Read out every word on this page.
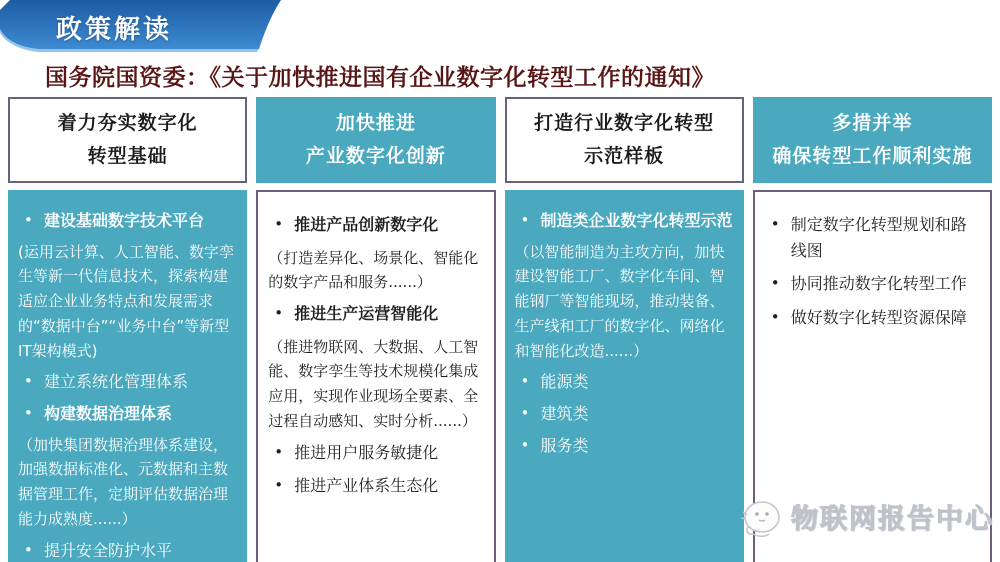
政策解读
国务院国资委：《关于加快推进国有企业数字化转型工作的通知》
着力夯实数字化
转型基础
• 建设基础数字技术平台
(运用云计算、人工智能、数字孪生等新一代信息技术，探索构建适应企业业务特点和发展需求的“数据中台”“业务中台”等新型IT架构模式)
• 建立系统化管理体系
• 构建数据治理体系
（加快集团数据治理体系建设，加强数据标准化、元数据和主数据管理工作，定期评估数据治理能力成熟度......）
• 提升安全防护水平
加快推进
产业数字化创新
• 推进产品创新数字化
（打造差异化、场景化、智能化的数字产品和服务......）
• 推进生产运营智能化
（推进物联网、大数据、人工智能、数字孪生等技术规模化集成应用，实现作业现场全要素、全过程自动感知、实时分析......）
• 推进用户服务敏捷化
• 推进产业体系生态化
打造行业数字化转型
示范样板
• 制造类企业数字化转型示范
（以智能制造为主攻方向，加快建设智能工厂、数字化车间、智能钢厂等智能现场，推动装备、生产线和工厂的数字化、网络化和智能化改造......）
• 能源类
• 建筑类
• 服务类
多措并举
确保转型工作顺利实施
• 制定数字化转型规划和路线图
• 协同推动数字化转型工作
• 做好数字化转型资源保障
物联网报告中心
